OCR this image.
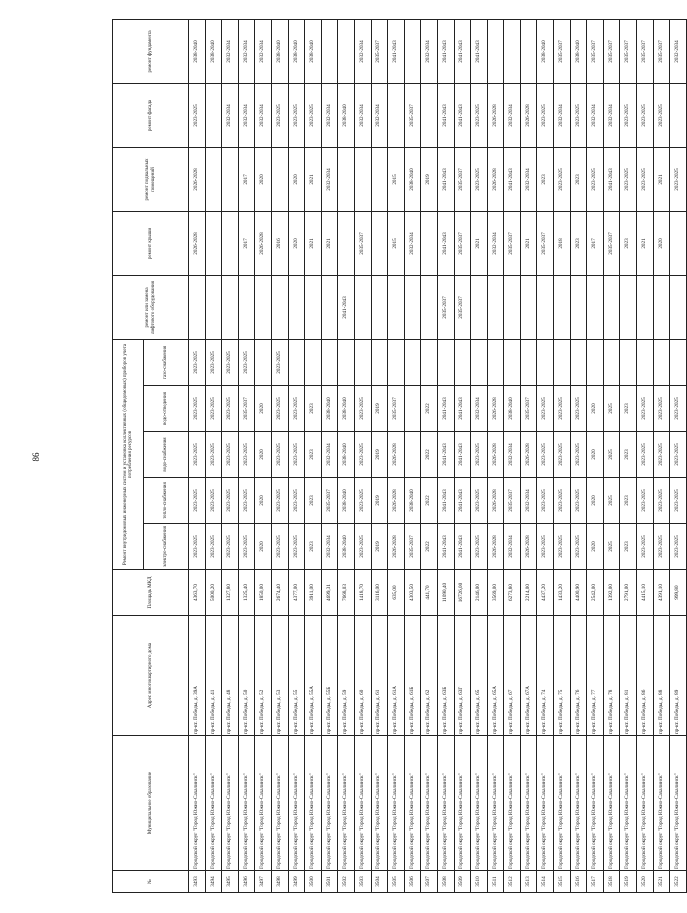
86
№	Муниципальное образование	Адрес многоквартирного дома	Площадь МКД	Ремонт внутридомовых инженерных систем и установка коллективных (общедомовых) приборов учета потребления ресурсов					ремонт или замена лифтового оборудования	ремонт крыши	ремонт подвальных помещений	ремонт фасада	ремонт фундамента
				электро-снабжения	тепло-снабжения	водо-снабжения	водо-отведения	газо-снабжения					
3493	Городской округ "Город Южно-Сахалинск"	пр-кт. Победы, д. 39А	4363,70	2023-2025	2023-2025	2023-2025	2023-2025	2023-2025		2026-2028	2026-2028	2023-2025	2038-2040
3494	Городской округ "Город Южно-Сахалинск"	пр-кт. Победы, д. 41	5000,20	2023-2025	2023-2025	2023-2025	2023-2025	2023-2025					2038-2040
3495	Городской округ "Город Южно-Сахалинск"	пр-кт. Победы, д. 48	1327,80	2023-2025	2023-2025	2023-2025	2023-2025	2023-2025				2032-2034	2032-2034
3496	Городской округ "Город Южно-Сахалинск"	пр-кт. Победы, д. 50	1325,40	2023-2025	2023-2025	2023-2025	2035-2037	2023-2025		2017	2017	2032-2034	2032-2034
3497	Городской округ "Город Южно-Сахалинск"	пр-кт. Победы, д. 52	1850,00	2020	2020	2020	2020			2026-2028	2020	2032-2034	2032-2034
3498	Городской округ "Город Южно-Сахалинск"	пр-кт. Победы, д. 53	2674,40	2023-2025	2023-2025	2023-2025	2023-2025	2023-2025		2016		2023-2025	2038-2040
3499	Городской округ "Город Южно-Сахалинск"	пр-кт. Победы, д. 55	4377,00	2023-2025	2023-2025	2023-2025	2023-2025			2020	2020	2023-2025	2038-2040
3500	Городской округ "Город Южно-Сахалинск"	пр-кт. Победы, д. 55А	3911,00	2023	2023	2023	2023			2021	2021	2023-2025	2038-2040
3501	Городской округ "Город Южно-Сахалинск"	пр-кт. Победы, д. 55Б	4699,31	2032-2034	2035-2037	2032-2034	2038-2040			2021	2032-2034	2032-2034	
3502	Городской округ "Город Южно-Сахалинск"	пр-кт. Победы, д. 59	7668,03	2038-2040	2038-2040	2038-2040	2038-2040		2041-2043			2038-2040	
3503	Городской округ "Город Южно-Сахалинск"	пр-кт. Победы, д. 60	1418,70	2023-2025	2023-2025	2023-2025	2023-2025			2035-2037		2032-2034	2032-2034
3504	Городской округ "Город Южно-Сахалинск"	пр-кт. Победы, д. 61	3116,00	2019	2019	2019	2019					2032-2034	2035-2037
3505	Городской округ "Город Южно-Сахалинск"	пр-кт. Победы, д. 61А	635,00	2026-2028	2026-2028	2026-2028	2035-2037			2015	2015		2041-2043
3506	Городской округ "Город Южно-Сахалинск"	пр-кт. Победы, д. 61Б	4303,50	2035-2037	2038-2040					2032-2034	2038-2040	2035-2037	
3507	Городской округ "Город Южно-Сахалинск"	пр-кт. Победы, д. 62	441,70	2022	2022	2022	2022				2019		2032-2034
3508	Городской округ "Город Южно-Сахалинск"	пр-кт. Победы, д. 63Б	11090,40	2041-2043	2041-2043	2041-2043	2041-2043		2035-2037	2041-2043	2041-2043	2041-2043	2041-2043
3509	Городской округ "Город Южно-Сахалинск"	пр-кт. Победы, д. 63Г	16726,00	2041-2043	2041-2043	2041-2043	2041-2043		2035-2037	2035-2037	2035-2037	2041-2043	2041-2043
3510	Городской округ "Город Южно-Сахалинск"	пр-кт. Победы, д. 65	2146,00	2023-2025	2023-2025	2023-2025	2032-2034			2021	2023-2025	2023-2025	2041-2043
3511	Городской округ "Город Южно-Сахалинск"	пр-кт. Победы, д. 65А	3569,00	2026-2028	2026-2028	2026-2028	2026-2028			2032-2034	2026-2028	2026-2028	
3512	Городской округ "Город Южно-Сахалинск"	пр-кт. Победы, д. 67	6273,80	2032-2034	2035-2037	2032-2034	2038-2040			2035-2037	2041-2043	2032-2034	
3513	Городской округ "Город Южно-Сахалинск"	пр-кт. Победы, д. 67А	2214,00	2026-2028	2032-2034	2026-2028	2035-2037			2021	2032-2034	2026-2028	
3514	Городской округ "Город Южно-Сахалинск"	пр-кт. Победы, д. 74	4437,20	2023-2025	2023-2025	2023-2025	2023-2025			2035-2037	2023	2023-2025	2038-2040
3515	Городской округ "Город Южно-Сахалинск"	пр-кт. Победы, д. 75	1433,20	2023-2025	2023-2025	2023-2025	2023-2025			2018	2023-2025	2032-2034	2035-2037
3516	Городской округ "Город Южно-Сахалинск"	пр-кт. Победы, д. 76	4400,90	2023-2025	2023-2025	2023-2025	2023-2025			2023	2023	2023-2025	2038-2040
3517	Городской округ "Город Южно-Сахалинск"	пр-кт. Победы, д. 77	2542,00	2020	2020	2020	2020			2017	2023-2025	2032-2034	2035-2037
3518	Городской округ "Город Южно-Сахалинск"	пр-кт. Победы, д. 78	1392,00	2025	2025	2025	2025			2035-2037	2041-2043	2032-2034	2035-2037
3519	Городской округ "Город Южно-Сахалинск"	пр-кт. Победы, д. 81	2791,00	2023	2023	2023	2023			2023	2023-2025	2023-2025	2035-2037
3520	Городской округ "Город Южно-Сахалинск"	пр-кт. Победы, д. 86	4415,10	2023-2025	2023-2025	2023-2025	2023-2025			2021	2023-2025	2023-2025	2035-2037
3521	Городской округ "Город Южно-Сахалинск"	пр-кт. Победы, д. 88	4391,10	2023-2025	2023-2025	2023-2025	2023-2025			2020	2021	2023-2025	2035-2037
3522	Городской округ "Город Южно-Сахалинск"	пр-кт. Победы, д. 89	999,80	2023-2025	2023-2025	2023-2025	2023-2025				2023-2025		2032-2034
